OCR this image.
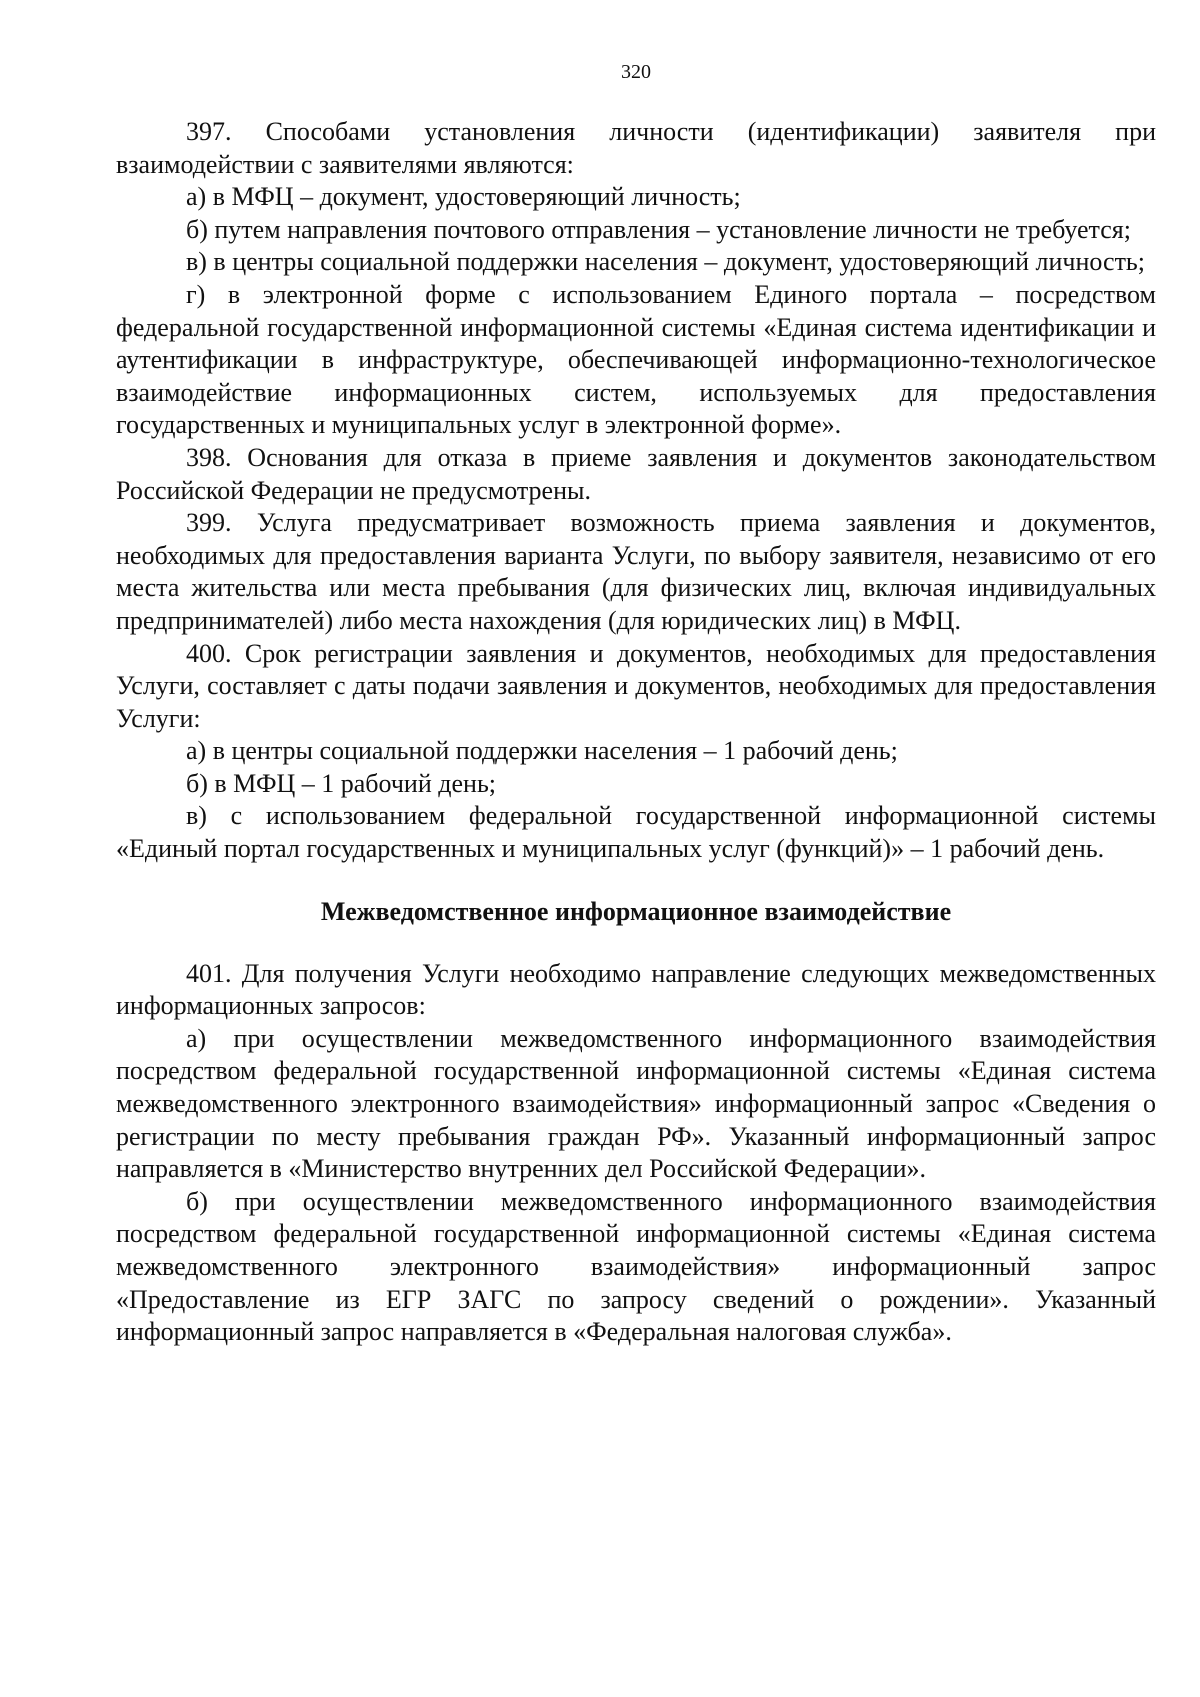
320

397. Способами установления личности (идентификации) заявителя при взаимодействии с заявителями являются:

а) в МФЦ – документ, удостоверяющий личность;

б) путем направления почтового отправления – установление личности не требуется;

в) в центры социальной поддержки населения – документ, удостоверяющий личность;

г) в электронной форме с использованием Единого портала – посредством федеральной государственной информационной системы «Единая система идентификации и аутентификации в инфраструктуре, обеспечивающей информационно-технологическое взаимодействие информационных систем, используемых для предоставления государственных и муниципальных услуг в электронной форме».

398. Основания для отказа в приеме заявления и документов законодательством Российской Федерации не предусмотрены.

399. Услуга предусматривает возможность приема заявления и документов, необходимых для предоставления варианта Услуги, по выбору заявителя, независимо от его места жительства или места пребывания (для физических лиц, включая индивидуальных предпринимателей) либо места нахождения (для юридических лиц) в МФЦ.

400. Срок регистрации заявления и документов, необходимых для предоставления Услуги, составляет с даты подачи заявления и документов, необходимых для предоставления Услуги:

а) в центры социальной поддержки населения – 1 рабочий день;

б) в МФЦ – 1 рабочий день;

в) с использованием федеральной государственной информационной системы «Единый портал государственных и муниципальных услуг (функций)» – 1 рабочий день.

Межведомственное информационное взаимодействие

401. Для получения Услуги необходимо направление следующих межведомственных информационных запросов:

а) при осуществлении межведомственного информационного взаимодействия посредством федеральной государственной информационной системы «Единая система межведомственного электронного взаимодействия» информационный запрос «Сведения о регистрации по месту пребывания граждан РФ». Указанный информационный запрос направляется в «Министерство внутренних дел Российской Федерации».

б) при осуществлении межведомственного информационного взаимодействия посредством федеральной государственной информационной системы «Единая система межведомственного электронного взаимодействия» информационный запрос «Предоставление из ЕГР ЗАГС по запросу сведений о рождении». Указанный информационный запрос направляется в «Федеральная налоговая служба».
